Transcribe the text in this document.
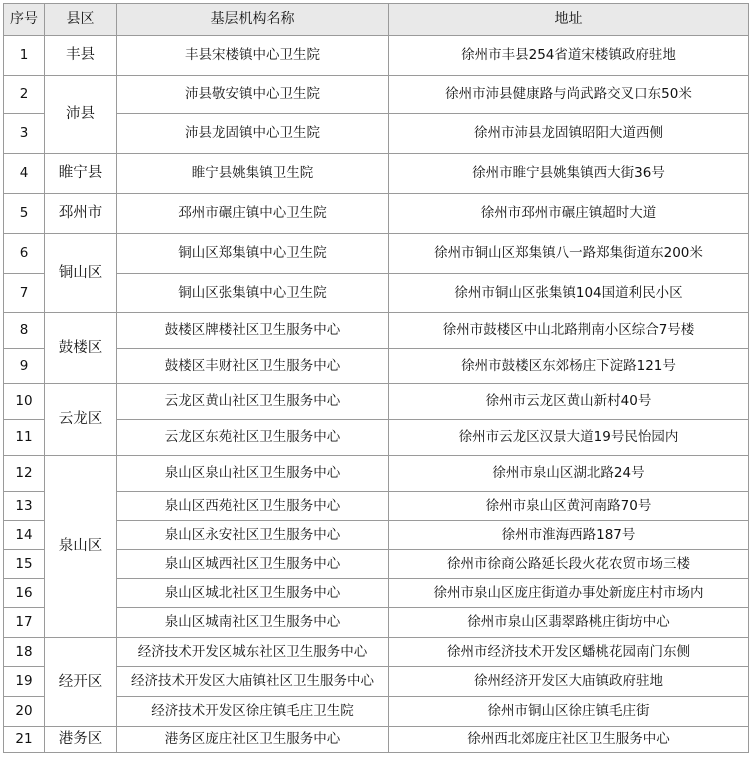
序号	县区	基层机构名称	地址
1	丰县	丰县宋楼镇中心卫生院	徐州市丰县254省道宋楼镇政府驻地
2	沛县	沛县敬安镇中心卫生院	徐州市沛县健康路与尚武路交叉口东50米
3		沛县龙固镇中心卫生院	徐州市沛县龙固镇昭阳大道西侧
4	睢宁县	睢宁县姚集镇卫生院	徐州市睢宁县姚集镇西大街36号
5	邳州市	邳州市碾庄镇中心卫生院	徐州市邳州市碾庄镇超时大道
6	铜山区	铜山区郑集镇中心卫生院	徐州市铜山区郑集镇八一路郑集街道东200米
7		铜山区张集镇中心卫生院	徐州市铜山区张集镇104国道利民小区
8	鼓楼区	鼓楼区牌楼社区卫生服务中心	徐州市鼓楼区中山北路荆南小区综合7号楼
9		鼓楼区丰财社区卫生服务中心	徐州市鼓楼区东郊杨庄下淀路121号
10	云龙区	云龙区黄山社区卫生服务中心	徐州市云龙区黄山新村40号
11		云龙区东苑社区卫生服务中心	徐州市云龙区汉景大道19号民怡园内
12	泉山区	泉山区泉山社区卫生服务中心	徐州市泉山区湖北路24号
13		泉山区西苑社区卫生服务中心	徐州市泉山区黄河南路70号
14		泉山区永安社区卫生服务中心	徐州市淮海西路187号
15		泉山区城西社区卫生服务中心	徐州市徐商公路延长段火花农贸市场三楼
16		泉山区城北社区卫生服务中心	徐州市泉山区庞庄街道办事处新庞庄村市场内
17		泉山区城南社区卫生服务中心	徐州市泉山区翡翠路桃庄街坊中心
18	经开区	经济技术开发区城东社区卫生服务中心	徐州市经济技术开发区蟠桃花园南门东侧
19		经济技术开发区大庙镇社区卫生服务中心	徐州经济开发区大庙镇政府驻地
20		经济技术开发区徐庄镇毛庄卫生院	徐州市铜山区徐庄镇毛庄街
21	港务区	港务区庞庄社区卫生服务中心	徐州西北郊庞庄社区卫生服务中心
